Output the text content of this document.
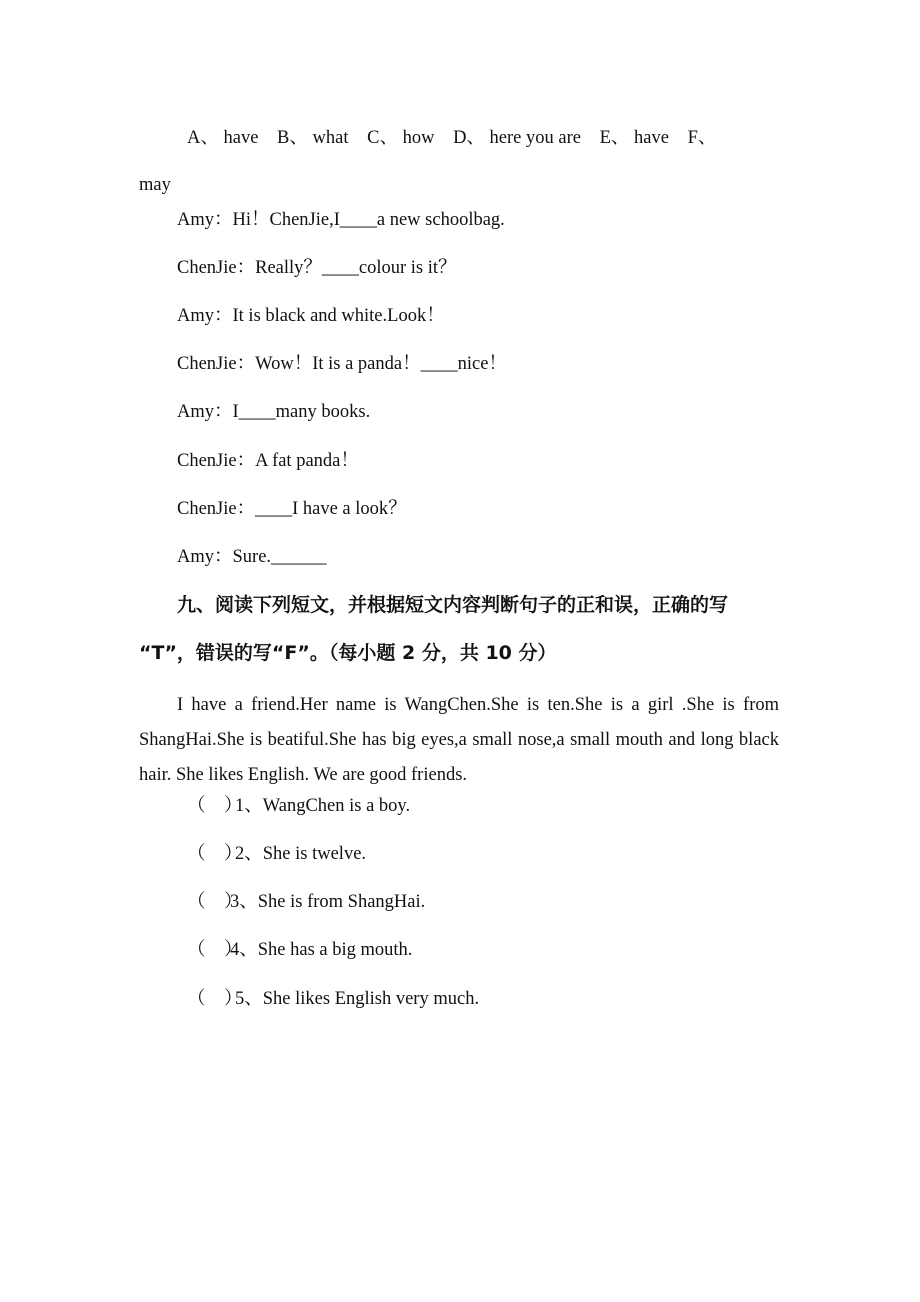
A、 have B、 what C、 how D、 here you are E、 have F、
may
Amy：Hi！ChenJie,I____a new schoolbag.
ChenJie：Really？____colour is it？
Amy：It is black and white.Look！
ChenJie：Wow！It is a panda！____nice！
Amy：I____many books.
ChenJie：A fat panda！
ChenJie：____I have a look？
Amy：Sure.______
九、阅读下列短文，并根据短文内容判断句子的正和误，正确的写
“T”，错误的写“F”。（每小题 2 分，共 10 分）
I have a friend.Her name is WangChen.She is ten.She is a girl .She is from ShangHai.She is beatiful.She has big eyes,a small nose,a small mouth and long black hair. She likes English. We are good friends.
（　）1、WangChen is a boy.
（　）2、She is twelve.
（　）3、She is from ShangHai.
（　）4、She has a big mouth.
（　）5、She likes English very much.
